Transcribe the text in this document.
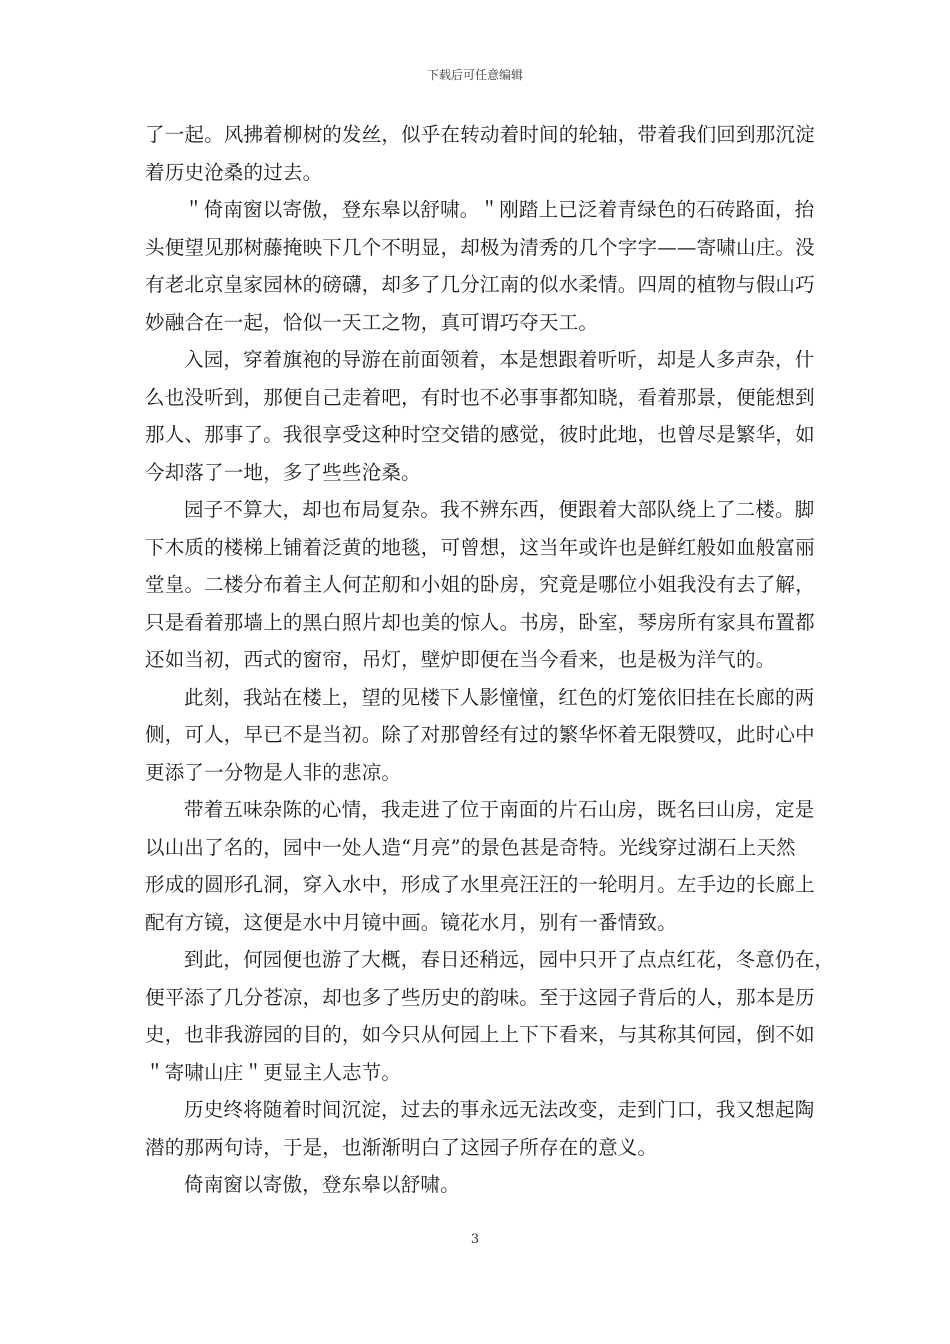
下载后可任意编辑
了一起。风拂着柳树的发丝，似乎在转动着时间的轮轴，带着我们回到那沉淀
着历史沧桑的过去。
＂倚南窗以寄傲，登东皋以舒啸。＂刚踏上已泛着青绿色的石砖路面，抬
头便望见那树藤掩映下几个不明显，却极为清秀的几个字字——寄啸山庄。没
有老北京皇家园林的磅礴，却多了几分江南的似水柔情。四周的植物与假山巧
妙融合在一起，恰似一天工之物，真可谓巧夺天工。
入园，穿着旗袍的导游在前面领着，本是想跟着听听，却是人多声杂，什
么也没听到，那便自己走着吧，有时也不必事事都知晓，看着那景，便能想到
那人、那事了。我很享受这种时空交错的感觉，彼时此地，也曾尽是繁华，如
今却落了一地，多了些些沧桑。
园子不算大，却也布局复杂。我不辨东西，便跟着大部队绕上了二楼。脚
下木质的楼梯上铺着泛黄的地毯，可曾想，这当年或许也是鲜红般如血般富丽
堂皇。二楼分布着主人何芷舠和小姐的卧房，究竟是哪位小姐我没有去了解，
只是看着那墙上的黑白照片却也美的惊人。书房，卧室，琴房所有家具布置都
还如当初，西式的窗帘，吊灯，壁炉即便在当今看来，也是极为洋气的。
此刻，我站在楼上，望的见楼下人影憧憧，红色的灯笼依旧挂在长廊的两
侧，可人，早已不是当初。除了对那曾经有过的繁华怀着无限赞叹，此时心中
更添了一分物是人非的悲凉。
带着五味杂陈的心情，我走进了位于南面的片石山房，既名曰山房，定是
以山出了名的，园中一处人造“月亮”的景色甚是奇特。光线穿过湖石上天然
形成的圆形孔洞，穿入水中，形成了水里亮汪汪的一轮明月。左手边的长廊上
配有方镜，这便是水中月镜中画。镜花水月，别有一番情致。
到此，何园便也游了大概，春日还稍远，园中只开了点点红花，冬意仍在，
便平添了几分苍凉，却也多了些历史的韵味。至于这园子背后的人，那本是历
史，也非我游园的目的，如今只从何园上上下下看来，与其称其何园，倒不如
＂寄啸山庄＂更显主人志节。
历史终将随着时间沉淀，过去的事永远无法改变，走到门口，我又想起陶
潜的那两句诗，于是，也渐渐明白了这园子所存在的意义。
倚南窗以寄傲，登东皋以舒啸。
3
